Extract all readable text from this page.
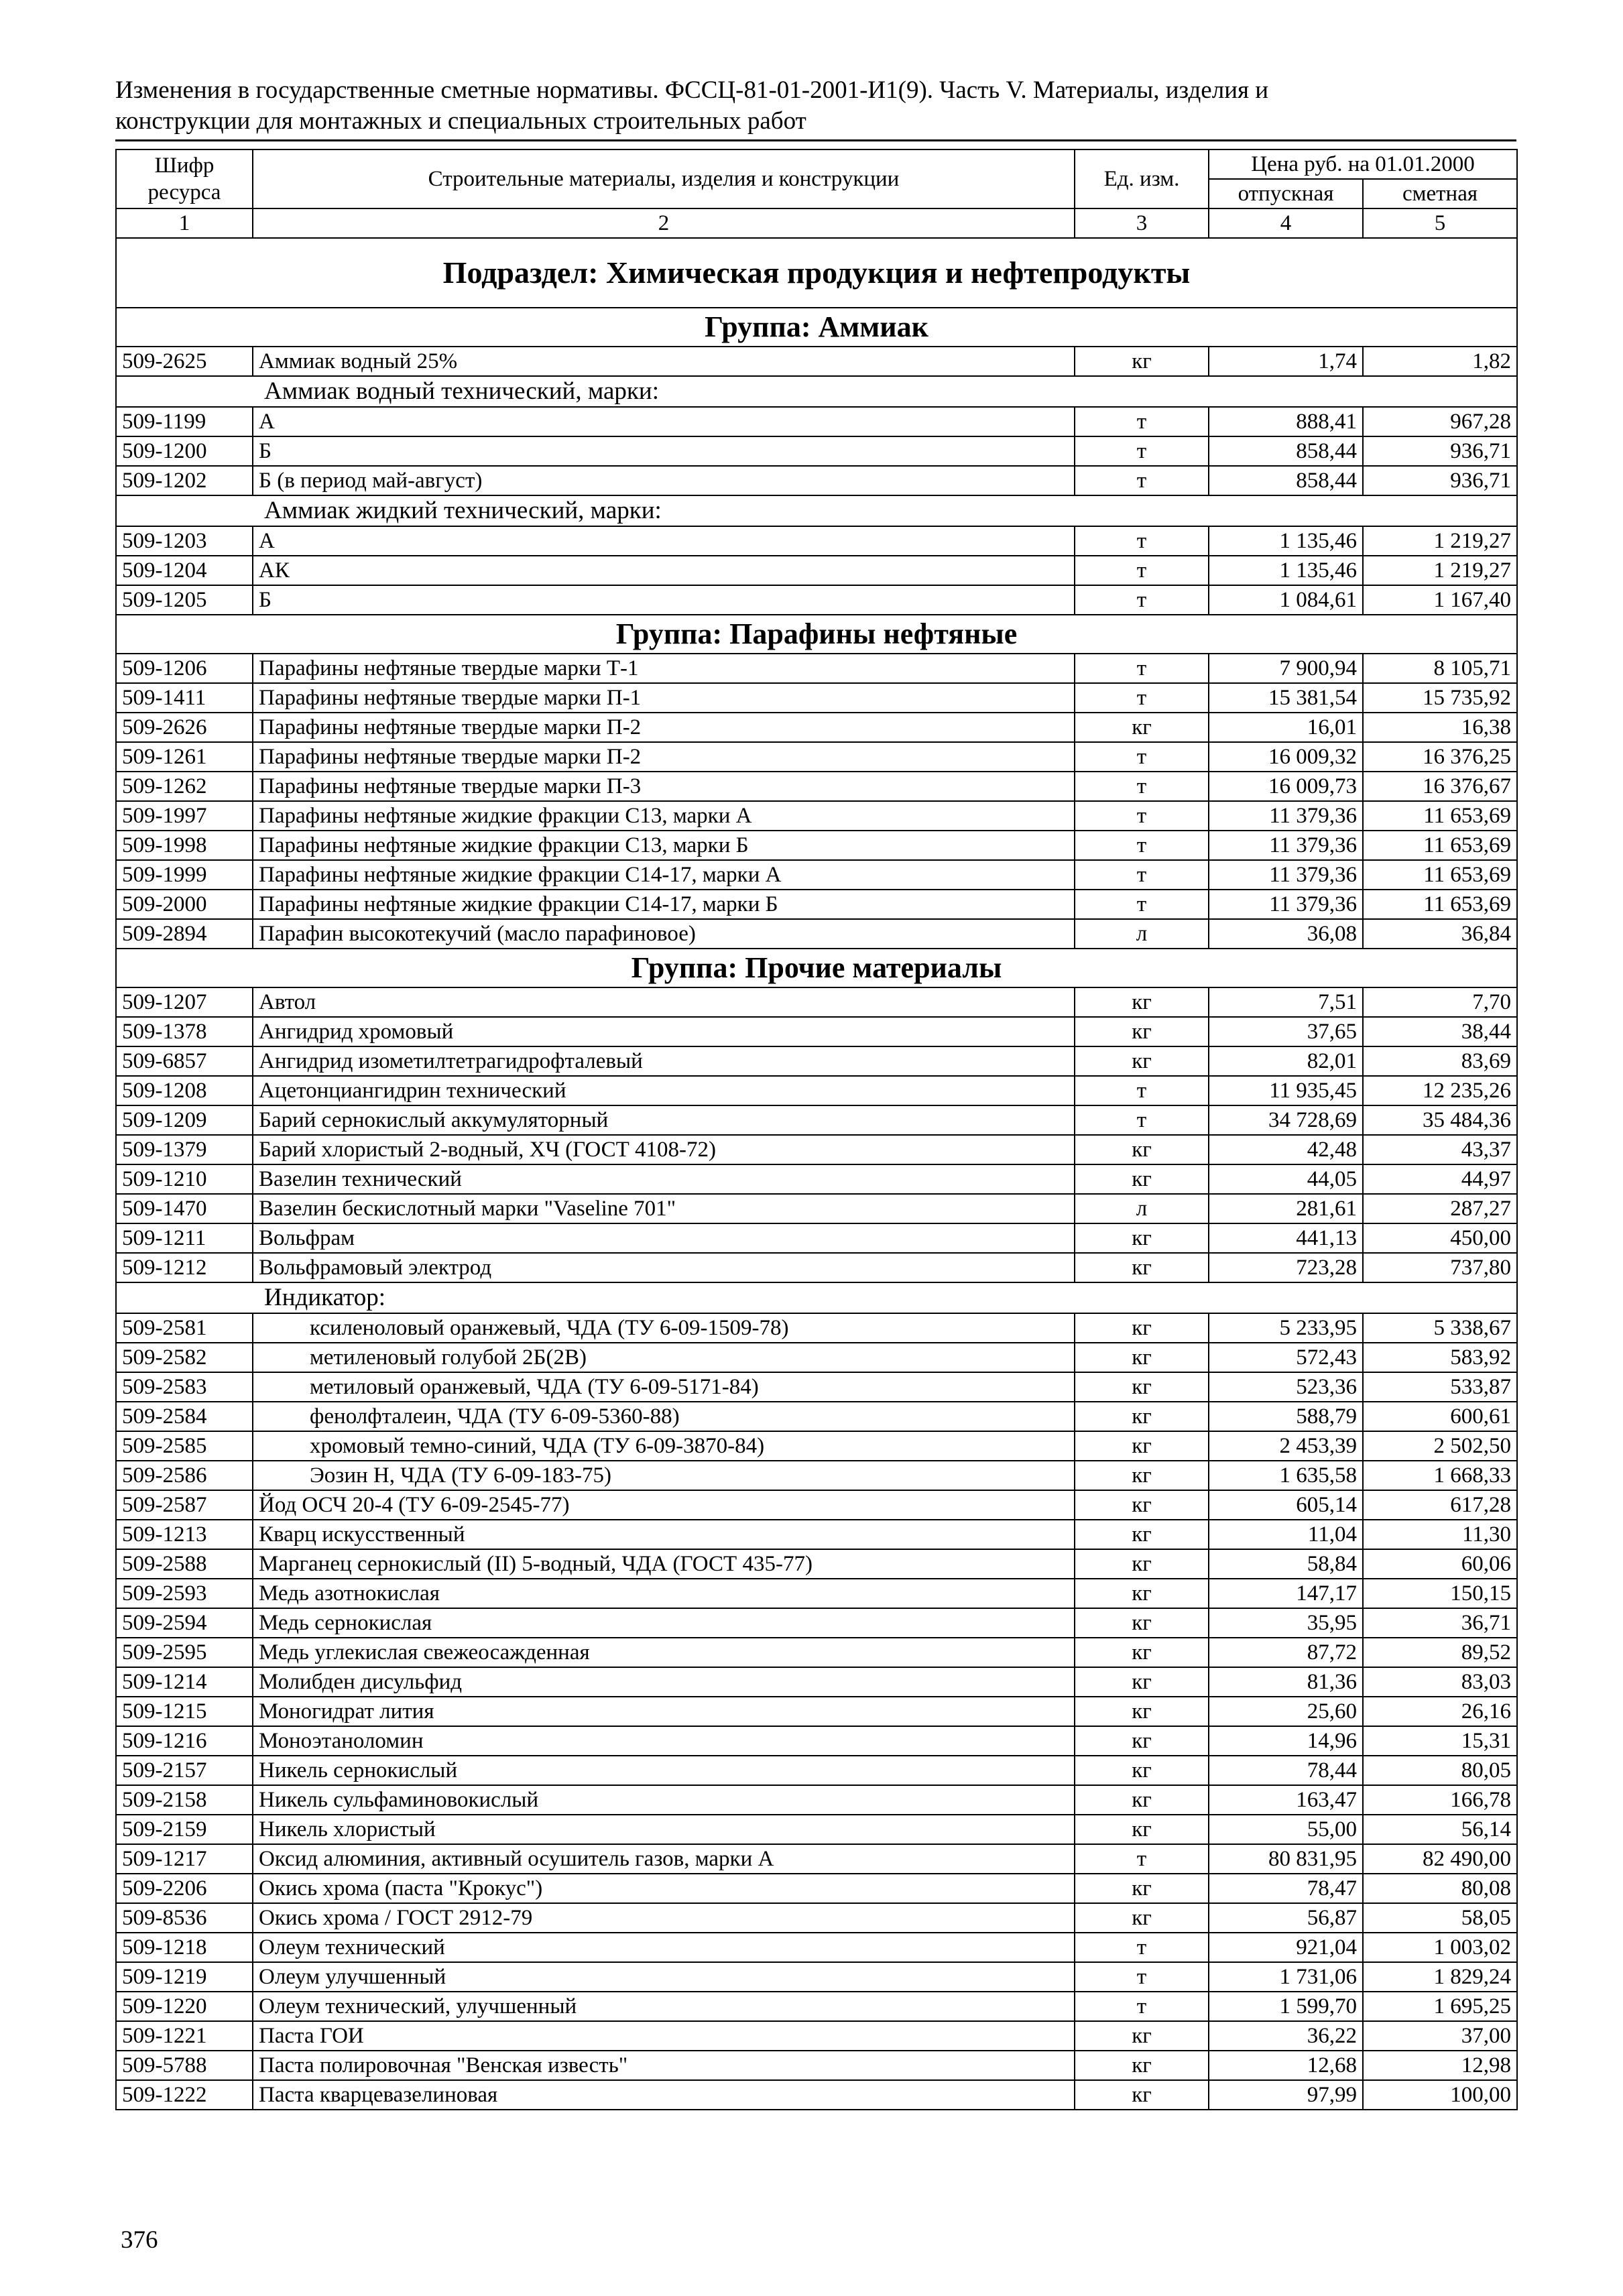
Изменения в государственные сметные нормативы. ФССЦ-81-01-2001-И1(9). Часть V. Материалы, изделия и
конструкции для монтажных и специальных строительных работ
Шифр ресурса	Строительные материалы, изделия и конструкции	Ед. изм.	Цена руб. на 01.01.2000	
			отпускная	сметная
1	2	3	4	5
Подраздел: Химическая продукция и нефтепродукты				
Группа: Аммиак				
509-2625	Аммиак водный 25%	кг	1,74	1,82
Аммиак водный технический, марки:				
509-1199	А	т	888,41	967,28
509-1200	Б	т	858,44	936,71
509-1202	Б (в период май-август)	т	858,44	936,71
Аммиак жидкий технический, марки:				
509-1203	А	т	1 135,46	1 219,27
509-1204	АК	т	1 135,46	1 219,27
509-1205	Б	т	1 084,61	1 167,40
Группа: Парафины нефтяные				
509-1206	Парафины нефтяные твердые марки Т-1	т	7 900,94	8 105,71
509-1411	Парафины нефтяные твердые марки П-1	т	15 381,54	15 735,92
509-2626	Парафины нефтяные твердые марки П-2	кг	16,01	16,38
509-1261	Парафины нефтяные твердые марки П-2	т	16 009,32	16 376,25
509-1262	Парафины нефтяные твердые марки П-3	т	16 009,73	16 376,67
509-1997	Парафины нефтяные жидкие фракции С13, марки А	т	11 379,36	11 653,69
509-1998	Парафины нефтяные жидкие фракции С13, марки Б	т	11 379,36	11 653,69
509-1999	Парафины нефтяные жидкие фракции С14-17, марки А	т	11 379,36	11 653,69
509-2000	Парафины нефтяные жидкие фракции С14-17, марки Б	т	11 379,36	11 653,69
509-2894	Парафин высокотекучий (масло парафиновое)	л	36,08	36,84
Группа: Прочие материалы				
509-1207	Автол	кг	7,51	7,70
509-1378	Ангидрид хромовый	кг	37,65	38,44
509-6857	Ангидрид изометилтетрагидрофталевый	кг	82,01	83,69
509-1208	Ацетонциангидрин технический	т	11 935,45	12 235,26
509-1209	Барий сернокислый аккумуляторный	т	34 728,69	35 484,36
509-1379	Барий хлористый 2-водный, ХЧ (ГОСТ 4108-72)	кг	42,48	43,37
509-1210	Вазелин технический	кг	44,05	44,97
509-1470	Вазелин бескислотный марки "Vaseline 701"	л	281,61	287,27
509-1211	Вольфрам	кг	441,13	450,00
509-1212	Вольфрамовый электрод	кг	723,28	737,80
Индикатор:				
509-2581	ксиленоловый оранжевый, ЧДА (ТУ 6-09-1509-78)	кг	5 233,95	5 338,67
509-2582	метиленовый голубой 2Б(2В)	кг	572,43	583,92
509-2583	метиловый оранжевый, ЧДА (ТУ 6-09-5171-84)	кг	523,36	533,87
509-2584	фенолфталеин, ЧДА (ТУ 6-09-5360-88)	кг	588,79	600,61
509-2585	хромовый темно-синий, ЧДА (ТУ 6-09-3870-84)	кг	2 453,39	2 502,50
509-2586	Эозин Н, ЧДА (ТУ 6-09-183-75)	кг	1 635,58	1 668,33
509-2587	Йод ОСЧ 20-4 (ТУ 6-09-2545-77)	кг	605,14	617,28
509-1213	Кварц искусственный	кг	11,04	11,30
509-2588	Марганец сернокислый (II) 5-водный, ЧДА (ГОСТ 435-77)	кг	58,84	60,06
509-2593	Медь азотнокислая	кг	147,17	150,15
509-2594	Медь сернокислая	кг	35,95	36,71
509-2595	Медь углекислая свежеосажденная	кг	87,72	89,52
509-1214	Молибден дисульфид	кг	81,36	83,03
509-1215	Моногидрат лития	кг	25,60	26,16
509-1216	Моноэтаноломин	кг	14,96	15,31
509-2157	Никель сернокислый	кг	78,44	80,05
509-2158	Никель сульфаминовокислый	кг	163,47	166,78
509-2159	Никель хлористый	кг	55,00	56,14
509-1217	Оксид алюминия, активный осушитель газов, марки А	т	80 831,95	82 490,00
509-2206	Окись хрома (паста "Крокус")	кг	78,47	80,08
509-8536	Окись хрома / ГОСТ 2912-79	кг	56,87	58,05
509-1218	Олеум технический	т	921,04	1 003,02
509-1219	Олеум улучшенный	т	1 731,06	1 829,24
509-1220	Олеум технический, улучшенный	т	1 599,70	1 695,25
509-1221	Паста ГОИ	кг	36,22	37,00
509-5788	Паста полировочная "Венская известь"	кг	12,68	12,98
509-1222	Паста кварцевазелиновая	кг	97,99	100,00
376
